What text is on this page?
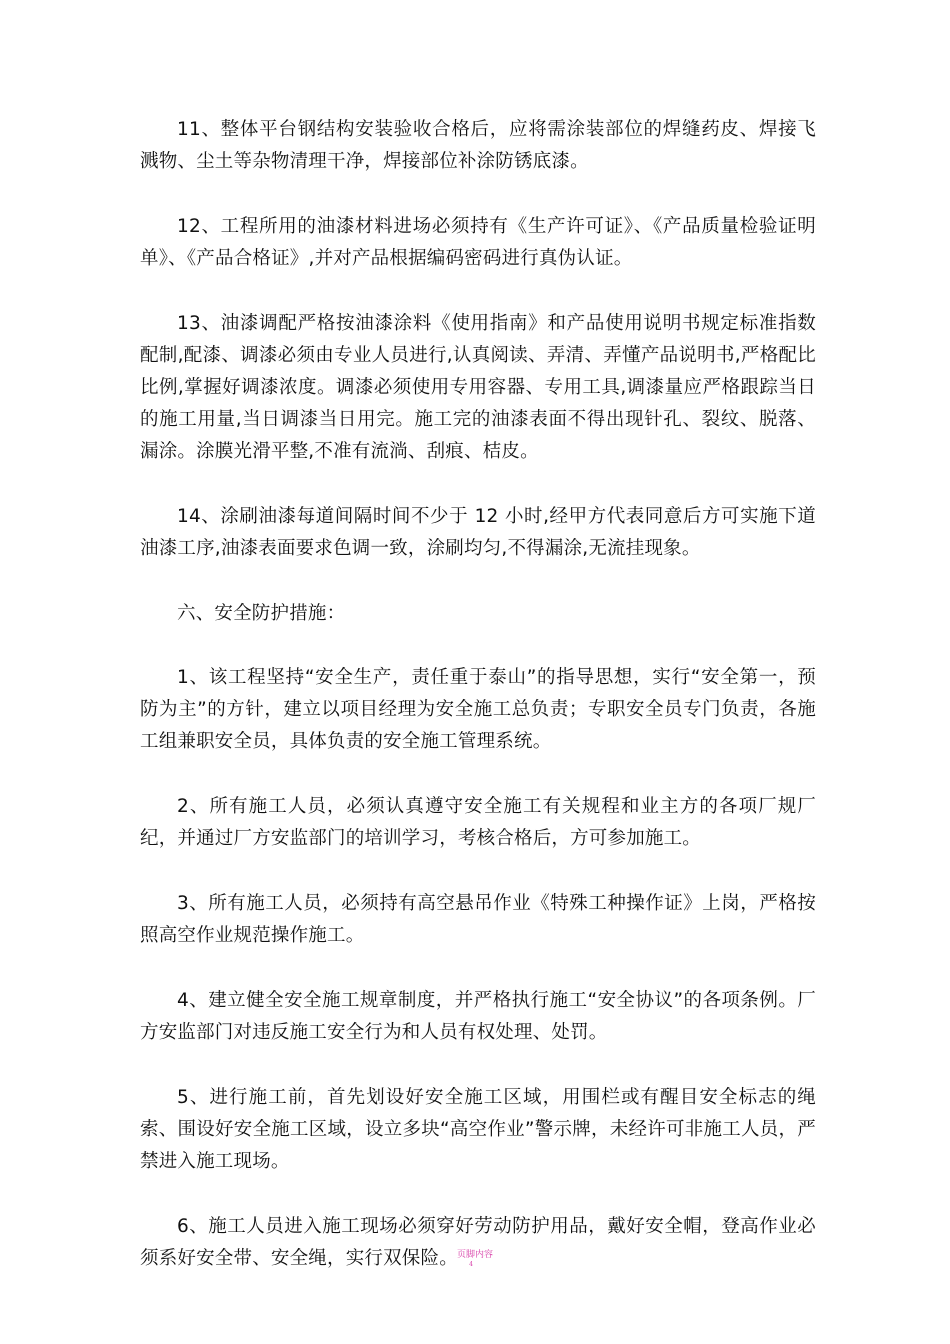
11、整体平台钢结构安装验收合格后，应将需涂装部位的焊缝药皮、焊接飞溅物、尘土等杂物清理干净，焊接部位补涂防锈底漆。

12、工程所用的油漆材料进场必须持有《生产许可证》、《产品质量检验证明单》、《产品合格证》,并对产品根据编码密码进行真伪认证。

13、油漆调配严格按油漆涂料《使用指南》和产品使用说明书规定标准指数配制,配漆、调漆必须由专业人员进行,认真阅读、弄清、弄懂产品说明书,严格配比比例,掌握好调漆浓度。调漆必须使用专用容器、专用工具,调漆量应严格跟踪当日的施工用量,当日调漆当日用完。施工完的油漆表面不得出现针孔、裂纹、脱落、漏涂。涂膜光滑平整,不准有流淌、刮痕、桔皮。

14、涂刷油漆每道间隔时间不少于 12 小时,经甲方代表同意后方可实施下道油漆工序,油漆表面要求色调一致，涂刷均匀,不得漏涂,无流挂现象。

六、安全防护措施：

1、该工程坚持“安全生产，责任重于泰山”的指导思想，实行“安全第一，预防为主”的方针，建立以项目经理为安全施工总负责；专职安全员专门负责，各施工组兼职安全员，具体负责的安全施工管理系统。

2、所有施工人员，必须认真遵守安全施工有关规程和业主方的各项厂规厂纪，并通过厂方安监部门的培训学习，考核合格后，方可参加施工。

3、所有施工人员，必须持有高空悬吊作业《特殊工种操作证》上岗，严格按照高空作业规范操作施工。

4、建立健全安全施工规章制度，并严格执行施工“安全协议”的各项条例。厂方安监部门对违反施工安全行为和人员有权处理、处罚。

5、进行施工前，首先划设好安全施工区域，用围栏或有醒目安全标志的绳索、围设好安全施工区域，设立多块“高空作业”警示牌，未经许可非施工人员，严禁进入施工现场。

6、施工人员进入施工现场必须穿好劳动防护用品，戴好安全帽，登高作业必须系好安全带、安全绳，实行双保险。 页脚内容
4
